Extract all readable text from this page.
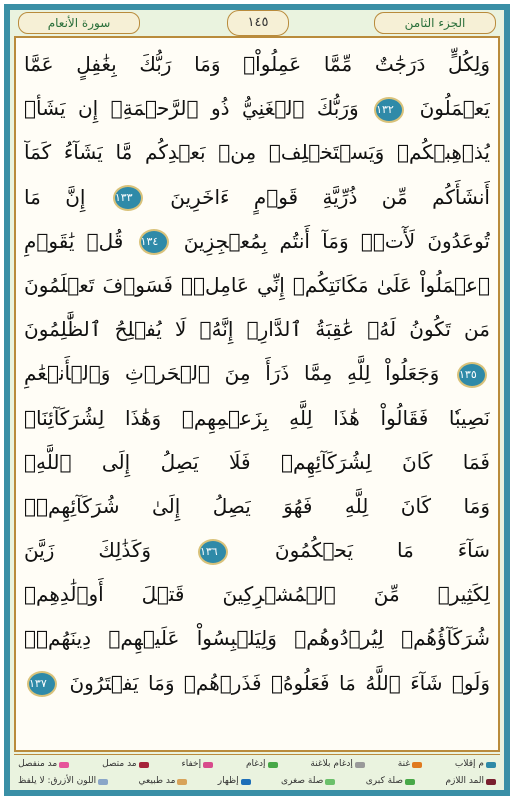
الجزء الثامن
١٤٥
سورة الأنعام
وَلِكُلٍّ دَرَجَٰتٌ مِّمَّا عَمِلُواْۚ وَمَا رَبُّكَ بِغَٰفِلٍ عَمَّا
يَعۡمَلُونَ ١٣٢ وَرَبُّكَ ٱلۡغَنِيُّ ذُو ٱلرَّحۡمَةِۚ إِن يَشَأۡ
يُذۡهِبۡكُمۡ وَيَسۡتَخۡلِفۡ مِنۢ بَعۡدِكُم مَّا يَشَآءُ كَمَآ
أَنشَأَكُم مِّن ذُرِّيَّةِ قَوۡمٍ ءَاخَرِينَ ١٣٣ إِنَّ مَا
تُوعَدُونَ لَأٓتٖۖ وَمَآ أَنتُم بِمُعۡجِزِينَ ١٣٤ قُلۡ يَٰقَوۡمِ
ٱعۡمَلُواْ عَلَىٰ مَكَانَتِكُمۡ إِنِّي عَامِلٞۖ فَسَوۡفَ تَعۡلَمُونَ
مَن تَكُونُ لَهُۥ عَٰقِبَةُ ٱلدَّارِۚ إِنَّهُۥ لَا يُفۡلِحُ ٱلظَّٰلِمُونَ
١٣٥ وَجَعَلُواْ لِلَّهِ مِمَّا ذَرَأَ مِنَ ٱلۡحَرۡثِ وَٱلۡأَنۡعَٰمِ
نَصِيبٗا فَقَالُواْ هَٰذَا لِلَّهِ بِزَعۡمِهِمۡ وَهَٰذَا لِشُرَكَآئِنَاۖ
فَمَا كَانَ لِشُرَكَآئِهِمۡ فَلَا يَصِلُ إِلَى ٱللَّهِۖ
وَمَا كَانَ لِلَّهِ فَهُوَ يَصِلُ إِلَىٰ شُرَكَآئِهِمۡۗ
سَآءَ مَا يَحۡكُمُونَ ١٣٦ وَكَذَٰلِكَ زَيَّنَ
لِكَثِيرٖ مِّنَ ٱلۡمُشۡرِكِينَ قَتۡلَ أَوۡلَٰدِهِمۡ
شُرَكَآؤُهُمۡ لِيُرۡدُوهُمۡ وَلِيَلۡبِسُواْ عَلَيۡهِمۡ دِينَهُمۡۖ
وَلَوۡ شَآءَ ٱللَّهُ مَا فَعَلُوهُۖ فَذَرۡهُمۡ وَمَا يَفۡتَرُونَ ١٣٧
م إقلاب
غنة
إدغام بلاغنة
إدغام
إخفاء
مد متصل
مد منفصل
المد اللازم
صلة كبرى
صلة صغرى
إظهار
مد طبيعي
اللون الأزرق: لا يلفظ
